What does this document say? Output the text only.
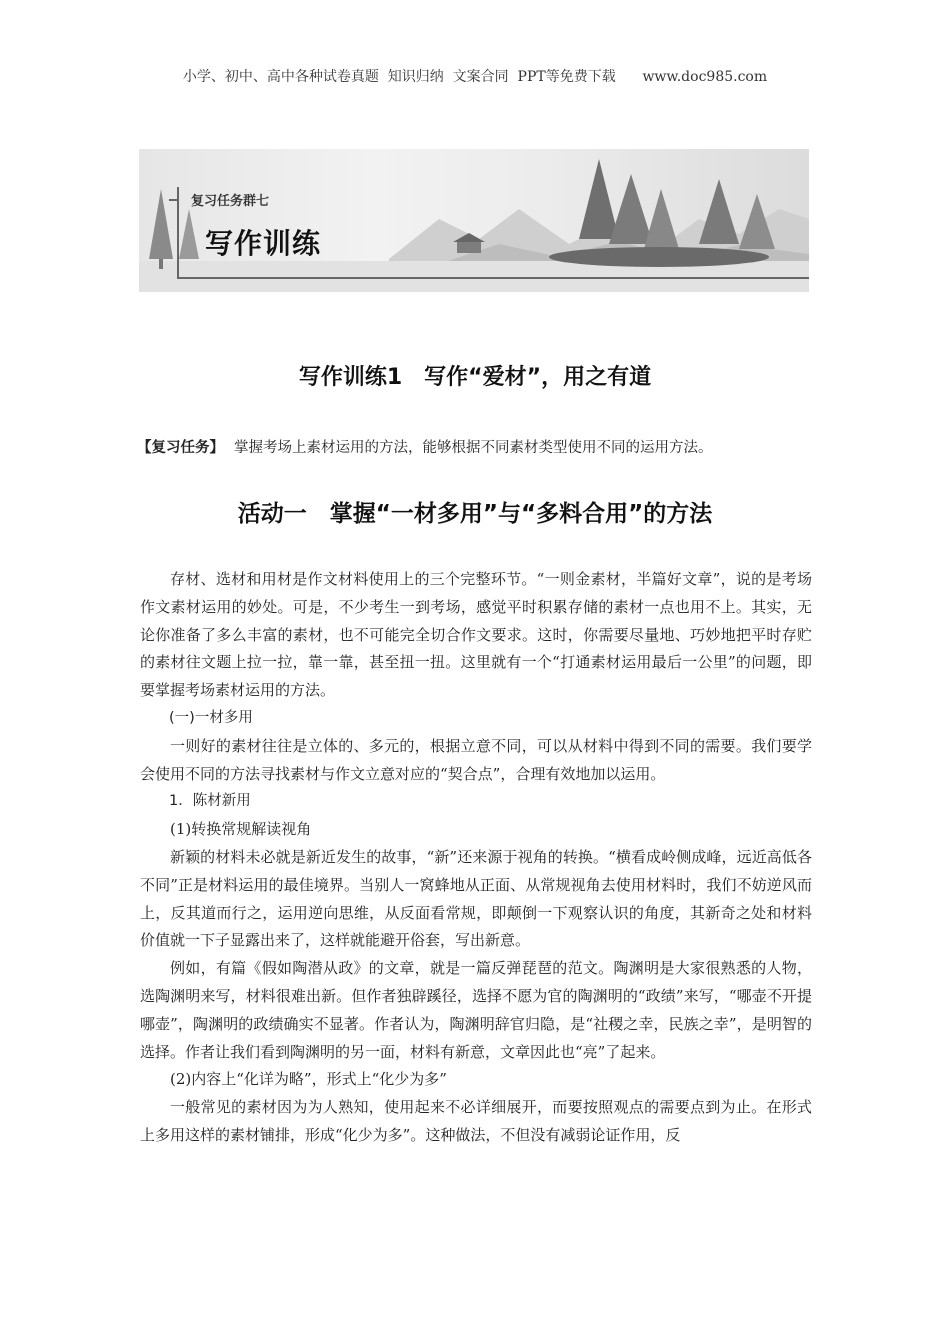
小学、初中、高中各种试卷真题  知识归纳  文案合同  PPT等免费下载      www.doc985.com
复习任务群七
写作训练
写作训练1　写作“爱材”，用之有道
【复习任务】 掌握考场上素材运用的方法，能够根据不同素材类型使用不同的运用方法。
活动一　掌握“一材多用”与“多料合用”的方法

存材、选材和用材是作文材料使用上的三个完整环节。“一则金素材，半篇好文章”，说的是考场作文素材运用的妙处。可是，不少考生一到考场，感觉平时积累存储的素材一点也用不上。其实，无论你准备了多么丰富的素材，也不可能完全切合作文要求。这时，你需要尽量地、巧妙地把平时存贮的素材往文题上拉一拉，靠一靠，甚至扭一扭。这里就有一个“打通素材运用最后一公里”的问题，即要掌握考场素材运用的方法。

(一)一材多用

一则好的素材往往是立体的、多元的，根据立意不同，可以从材料中得到不同的需要。我们要学会使用不同的方法寻找素材与作文立意对应的“契合点”，合理有效地加以运用。

1．陈材新用

(1)转换常规解读视角

新颖的材料未必就是新近发生的故事，“新”还来源于视角的转换。“横看成岭侧成峰，远近高低各不同”正是材料运用的最佳境界。当别人一窝蜂地从正面、从常规视角去使用材料时，我们不妨逆风而上，反其道而行之，运用逆向思维，从反面看常规，即颠倒一下观察认识的角度，其新奇之处和材料价值就一下子显露出来了，这样就能避开俗套，写出新意。

例如，有篇《假如陶潜从政》的文章，就是一篇反弹琵琶的范文。陶渊明是大家很熟悉的人物，选陶渊明来写，材料很难出新。但作者独辟蹊径，选择不愿为官的陶渊明的“政绩”来写，“哪壶不开提哪壶”，陶渊明的政绩确实不显著。作者认为，陶渊明辞官归隐，是“社稷之幸，民族之幸”，是明智的选择。作者让我们看到陶渊明的另一面，材料有新意，文章因此也“亮”了起来。

(2)内容上“化详为略”，形式上“化少为多”

一般常见的素材因为为人熟知，使用起来不必详细展开，而要按照观点的需要点到为止。在形式上多用这样的素材铺排，形成“化少为多”。这种做法，不但没有减弱论证作用，反
